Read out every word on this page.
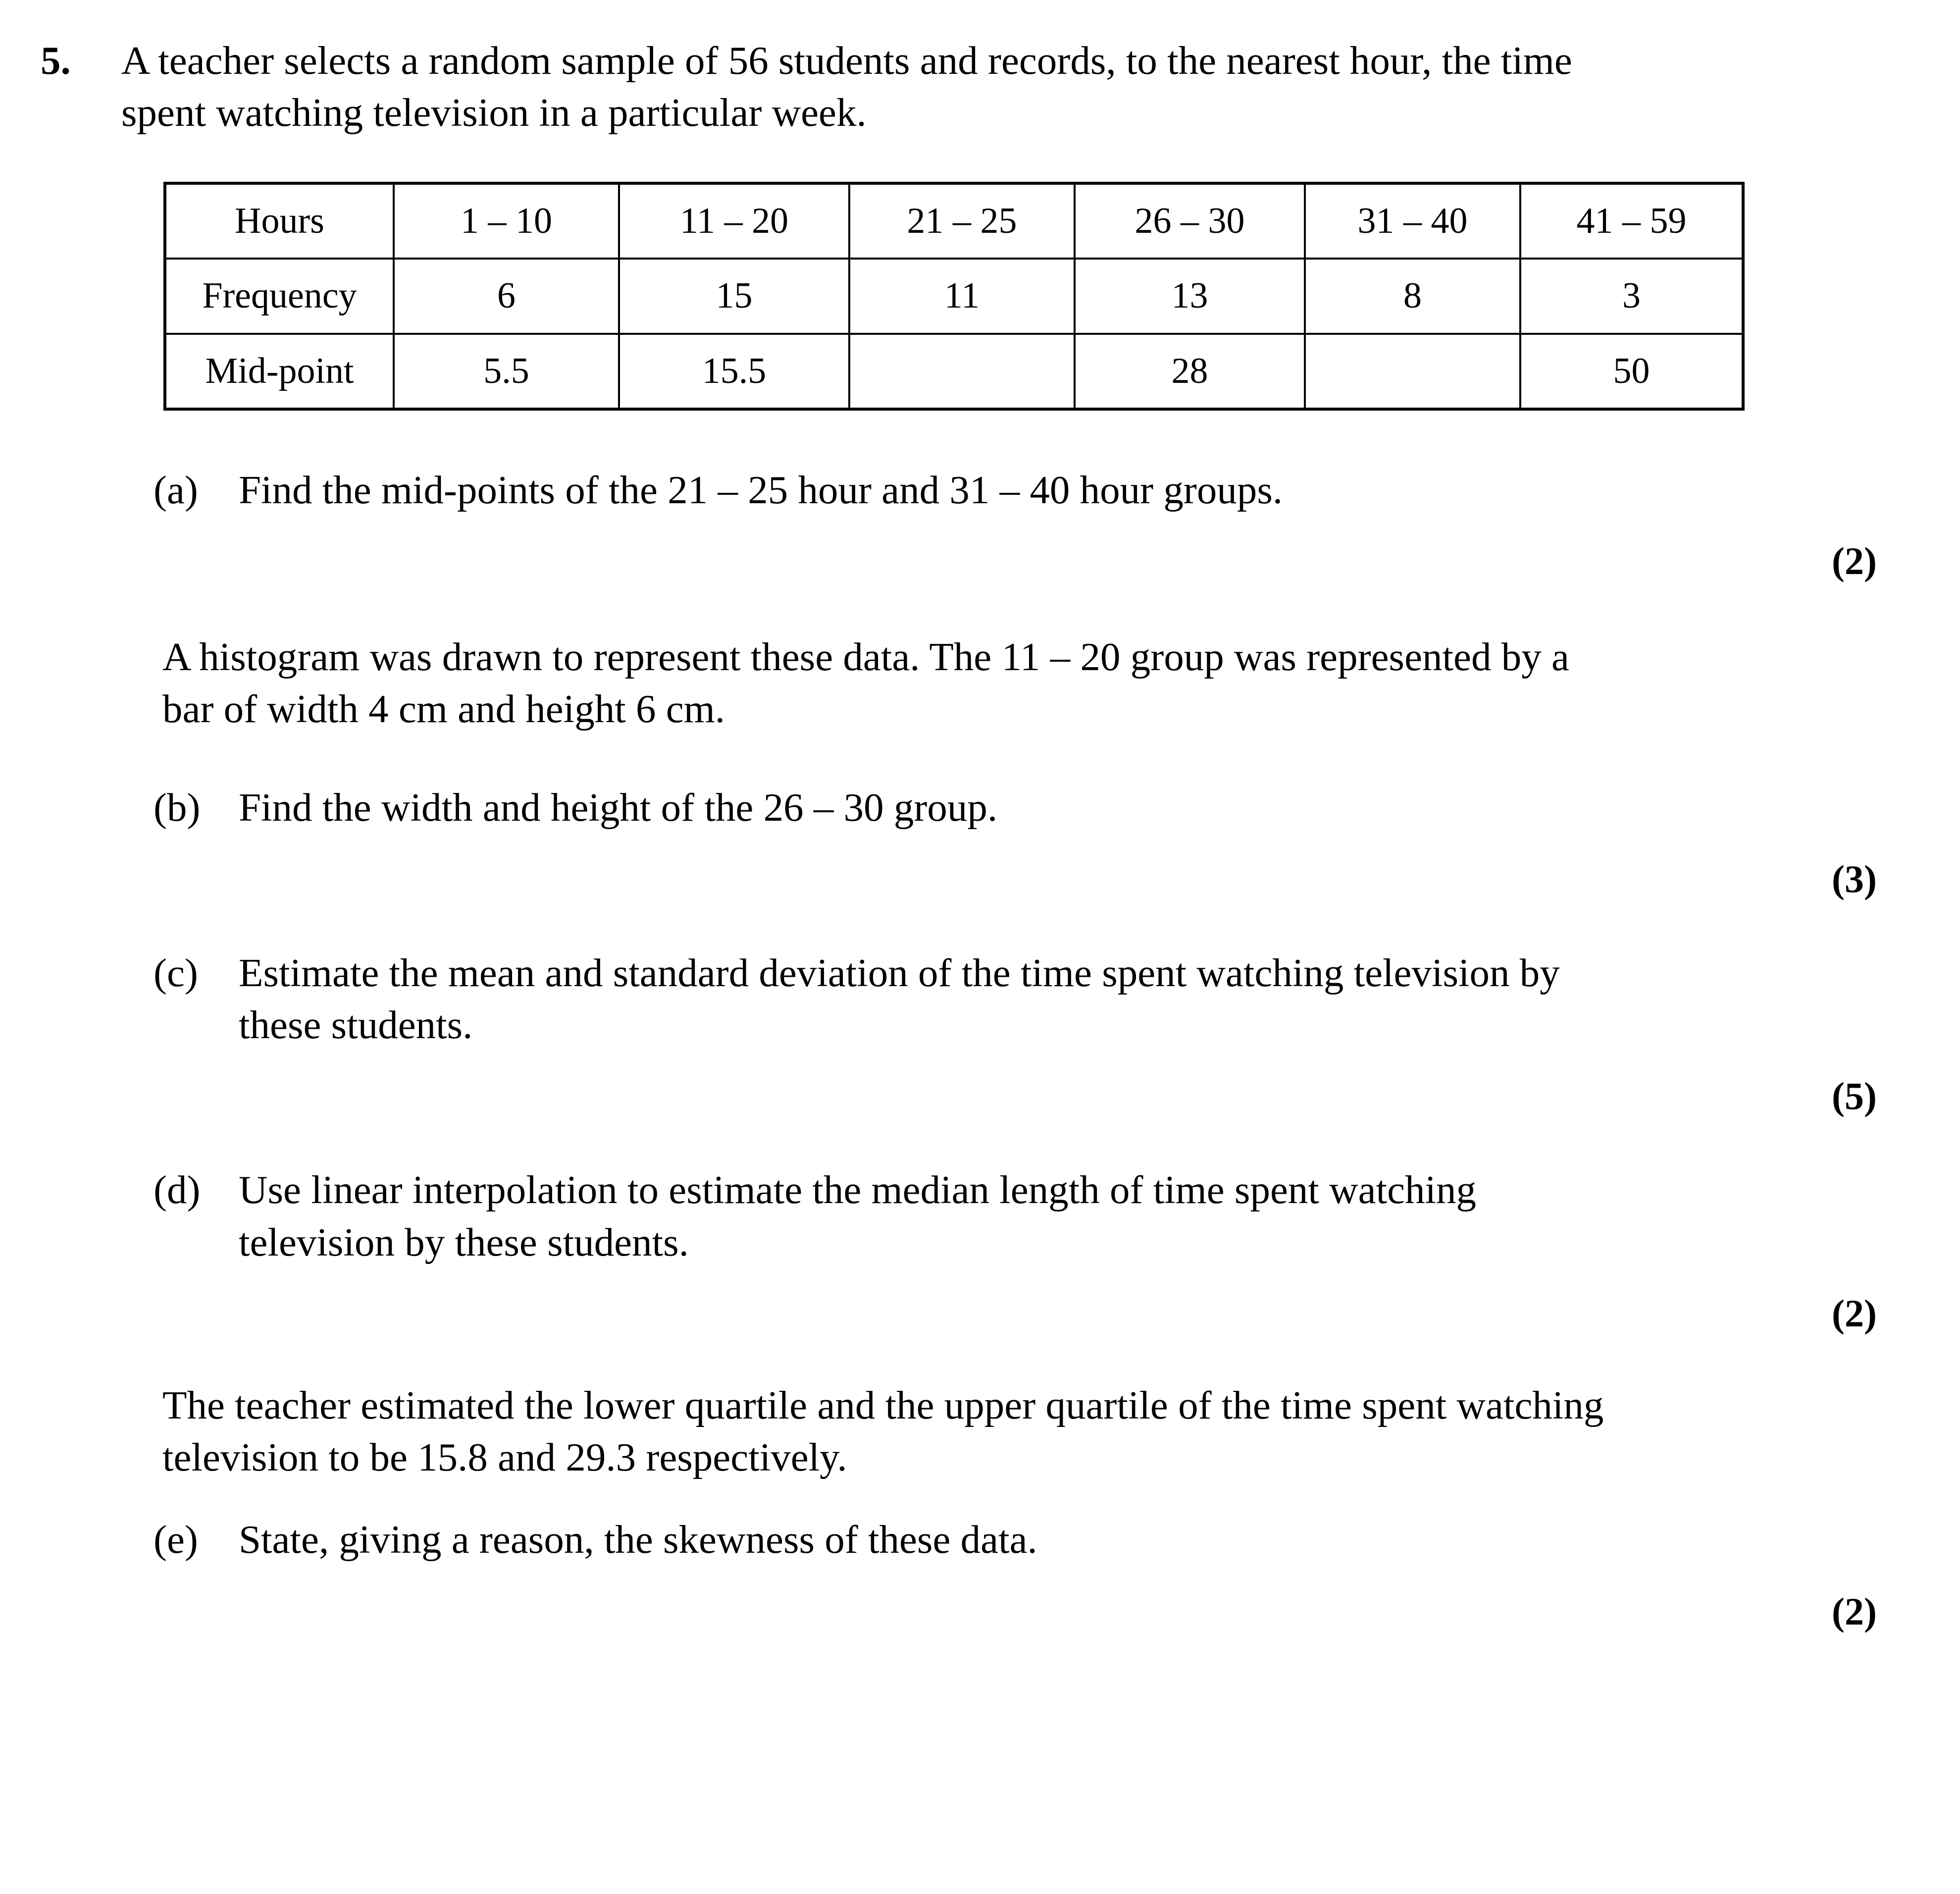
5.	A teacher selects a random sample of 56 students and records, to the nearest hour, the time
spent watching television in a particular week.
Hours	1 – 10	11 – 20	21 – 25	26 – 30	31 – 40	41 – 59
Frequency	6	15	11	13	8	3
Mid-point	5.5	15.5		28		50
(a)	Find the mid-points of the 21 – 25 hour and 31 – 40 hour groups.
(2)
A histogram was drawn to represent these data. The 11 – 20 group was represented by a
bar of width 4 cm and height 6 cm.
(b) Find the width and height of the 26 – 30 group.
(3)
(c)	Estimate the mean and standard deviation of the time spent watching television by
these students.
(5)
(d) Use linear interpolation to estimate the median length of time spent watching
television by these students.
(2)
The teacher estimated the lower quartile and the upper quartile of the time spent watching
television to be 15.8 and 29.3 respectively.
(e)	State, giving a reason, the skewness of these data.
(2)
